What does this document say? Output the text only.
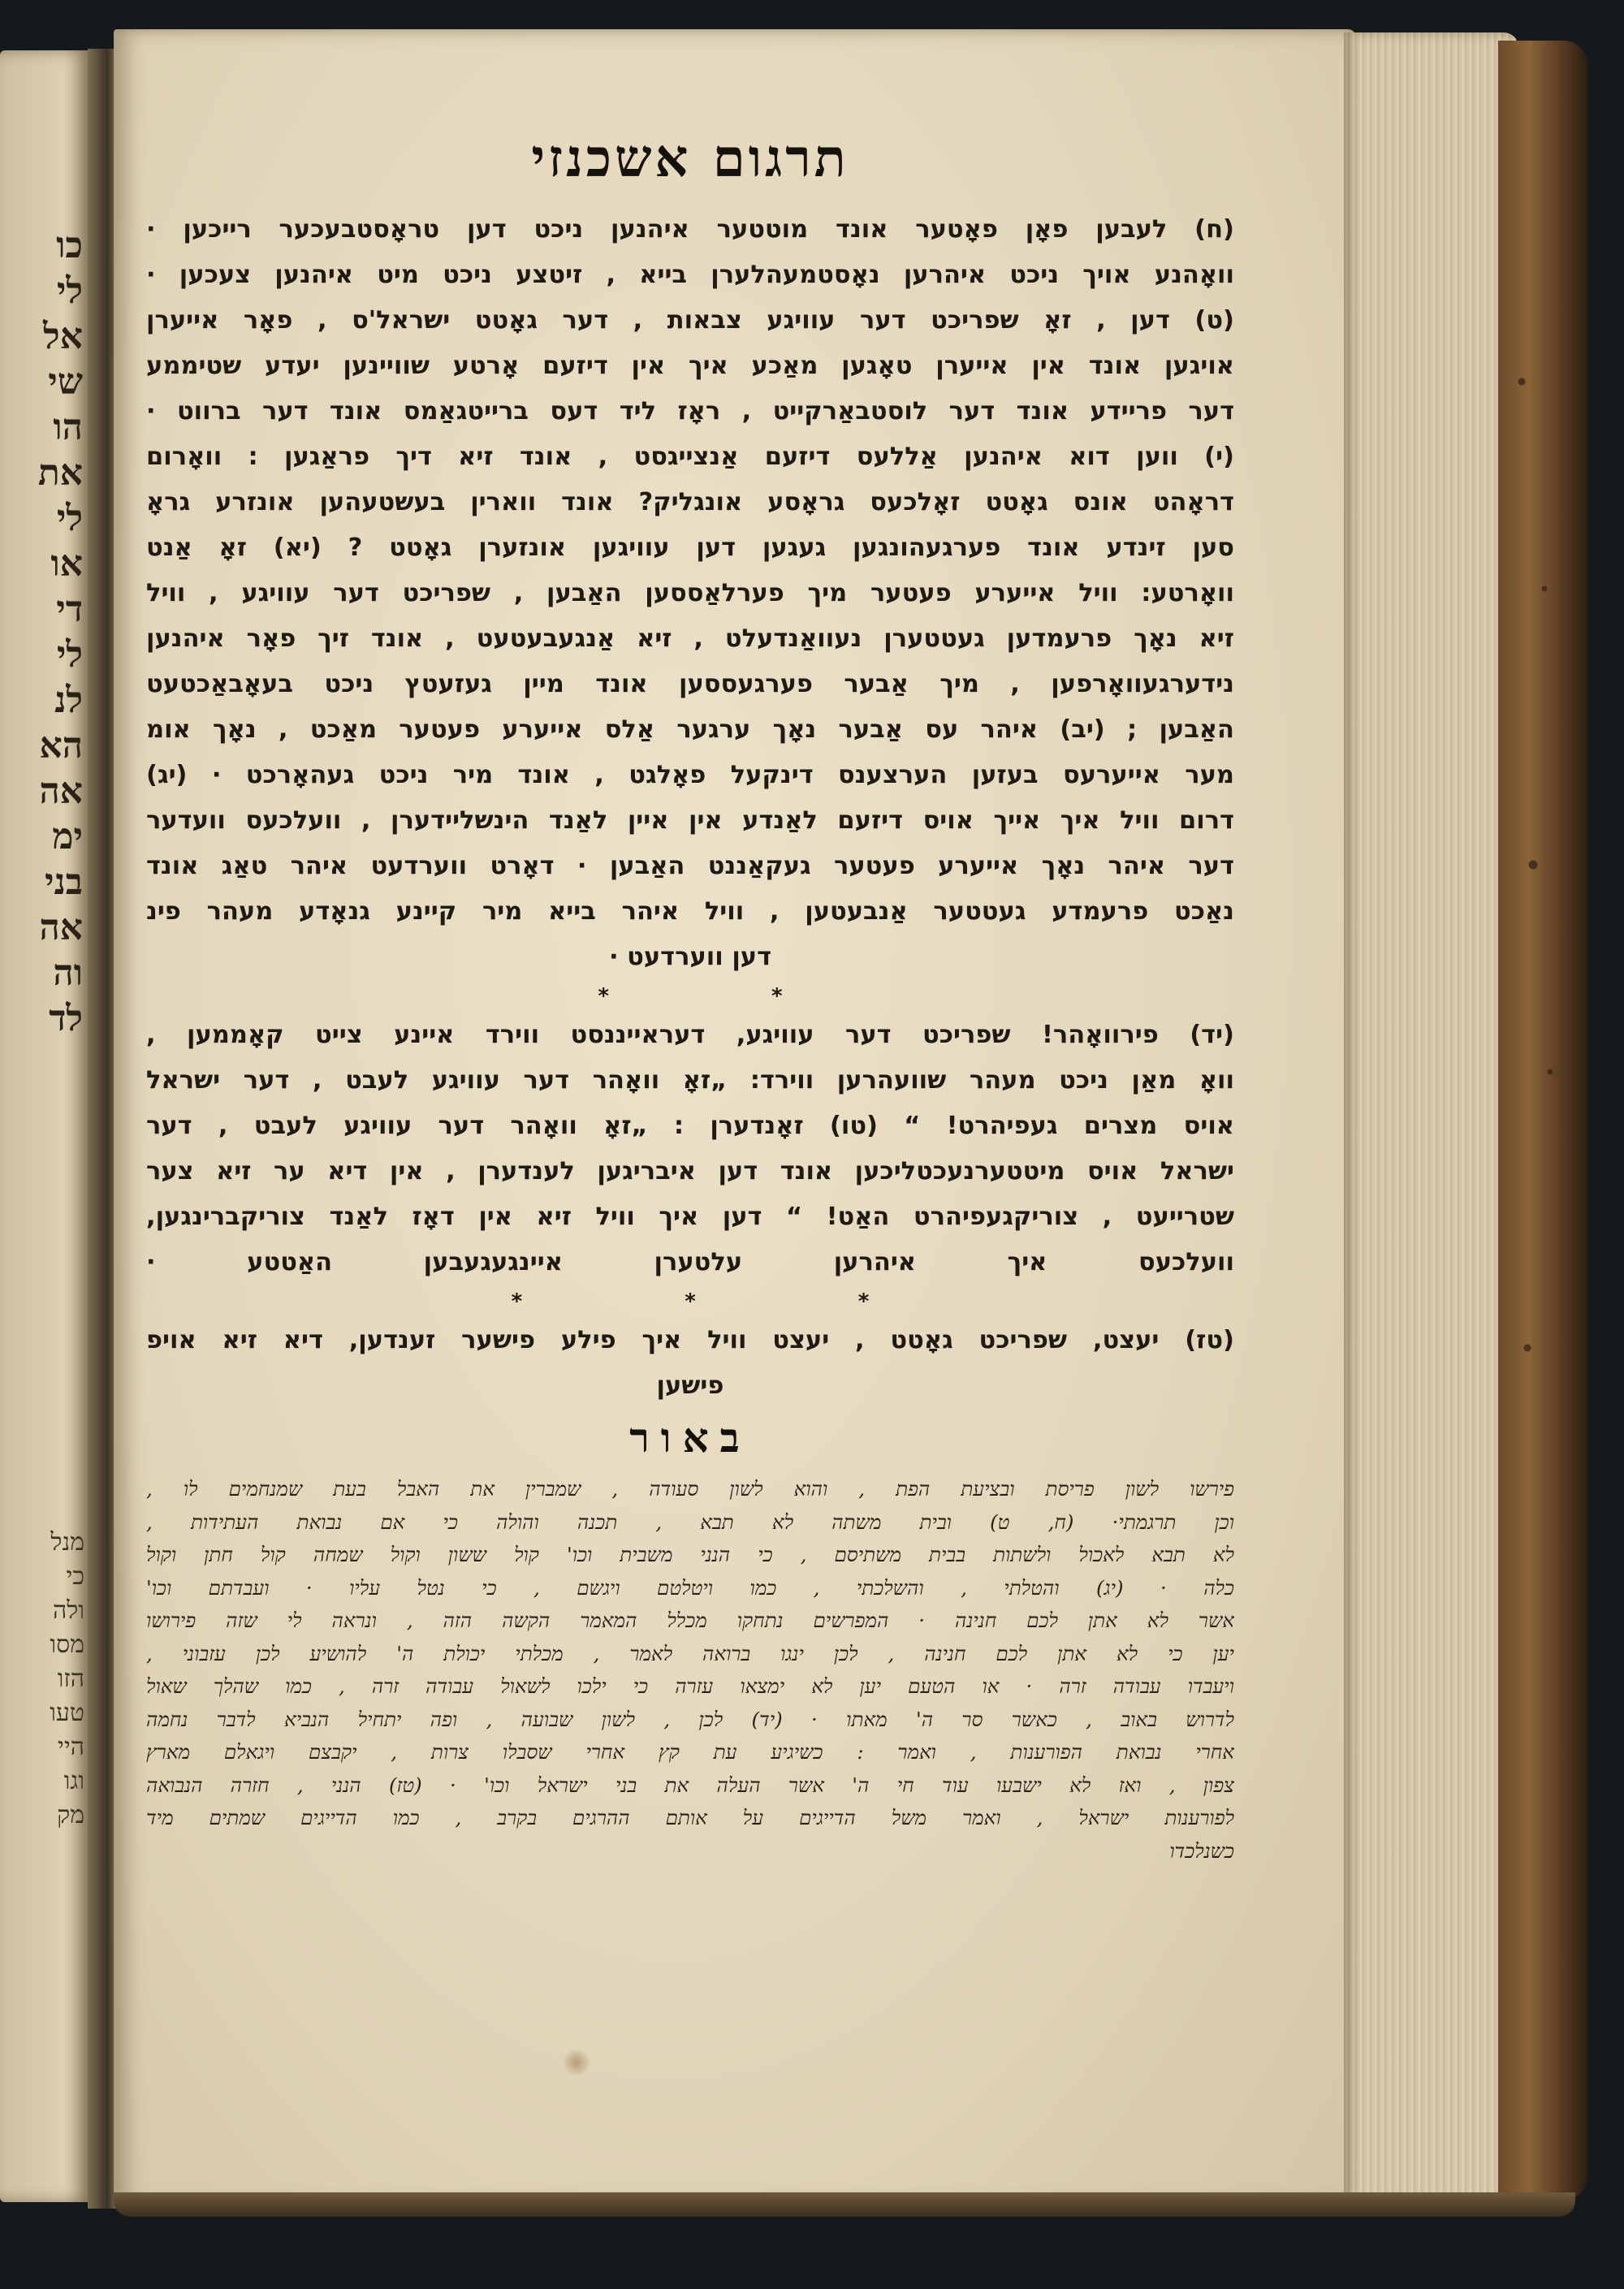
כו
לי
אל
שי
הו
את
לי
או
די
לי
לנ
הא
אה
ימ
בני
אה
וה
לד
מנל
כי
ולה
מסו
הזו
טעו
היי
וגו
מק
תרגום אשכנזי
(ח) לעבען פאָן פאָטער אונד מוטטער איהנען ניכט דען טראָסטבעכער רייכען ·
וואָהנע אויך ניכט איהרען נאָסטמעהלערן בייא , זיטצע ניכט מיט איהנען צעכען ·
(ט) דען , זאָ שפריכט דער עוויגע צבאות , דער גאָטט ישראל'ס , פאָר אייערן
אויגען אונד אין אייערן טאָגען מאַכע איך אין דיזעם אָרטע שוויינען יעדע שטיממע
דער פריידע אונד דער לוסטבאַרקייט , ראָז ליד דעס ברייטגאַמס אונד דער ברווט ·
(י) ווען דוא איהנען אַללעס דיזעם אַנצייגסט , אונד זיא דיך פראַגען : וואָרום
דראָהט אונס גאָטט זאָלכעס גראָסע אונגליק? אונד ווארין בעשטעהען אונזרע גראָ
סען זינדע אונד פערגעהונגען געגען דען עוויגען אונזערן גאָטט ? (יא) זאָ אַנט
וואָרטע: וויל אייערע פעטער מיך פערלאַססען האַבען , שפריכט דער עוויגע , וויל
זיא נאָך פרעמדען געטטערן נעוואַנדעלט , זיא אַנגעבעטעט , אונד זיך פאָר איהנען
נידערגעוואָרפען , מיך אַבער פערגעססען אונד מיין געזעטץ ניכט בעאָבאַכטעט
האַבען ; (יב) איהר עס אַבער נאָך ערגער אַלס אייערע פעטער מאַכט , נאָך אומ
מער אייערעס בעזען הערצענס דינקעל פאָלגט , אונד מיר ניכט געהאָרכט · (יג)
דרום וויל איך אייך אויס דיזעם לאַנדע אין איין לאַנד הינשליידערן , וועלכעס וועדער
דער איהר נאָך אייערע פעטער געקאַננט האַבען · דאָרט ווערדעט איהר טאַג אונד
נאַכט פרעמדע געטטער אַנבעטען , וויל איהר בייא מיר קיינע גנאָדע מעהר פינ
דען ווערדעט ·
**
(יד) פירוואָהר! שפריכט דער עוויגע, דעראייננסט ווירד איינע צייט קאָממען ,
וואָ מאַן ניכט מעהר שוועהרען ווירד: „זאָ וואָהר דער עוויגע לעבט , דער ישראל
אויס מצרים געפיהרט! “ (טו) זאָנדערן : „זאָ וואָהר דער עוויגע לעבט , דער
ישראל אויס מיטטערנעכטליכען אונד דען איבריגען לענדערן , אין דיא ער זיא צער
שטרייעט , צוריקגעפיהרט האַט! “ דען איך וויל זיא אין דאָז לאַנד צוריקברינגען,
וועלכעס איך איהרען עלטערן איינגעגעבען האַטטע ·
***
(טז) יעצט, שפריכט גאָטט , יעצט וויל איך פילע פישער זענדען, דיא זיא אויפ
פישען
באור
פירשו לשון פריסת ובציעת הפת , והוא לשון סעודה , שמברין את האבל בעת שמנחמים לו ,
וכן תרגמתי· (ח, ט) ובית משתה לא תבא , תכנה והולה כי אם נבואת העתידות ,
לא תבא לאכול ולשתות בבית משתיסם , כי הנני משבית וכו' קול ששון וקול שמחה קול חתן וקול
כלה · (יג) והטלתי , והשלכתי , כמו ויטלטם ויגשם , כי נטל עליו · ועבדתם וכו'
אשר לא אתן לכם חנינה · המפרשים נתחקו מכלל המאמר הקשה הזה , ונראה לי שזה פירושו
יען כי לא אתן לכם חנינה , לכן ינגו ברואה לאמר , מכלתי יכולת ה' להושיע לכן עזבוני ,
ויעבדו עבודה זרה · או הטעם יען לא ימצאו עזרה כי ילכו לשאול עבודה זרה , כמו שהלך שאול
לדרוש באוב , כאשר סר ה' מאתו · (יד) לכן , לשון שבועה , ופה יתחיל הנביא לדבר נחמה
אחרי נבואת הפורענות , ואמר : כשיגיע עת קץ אחרי שסבלו צרות , יקבצם ויגאלם מארץ
צפון , ואז לא ישבעו עוד חי ה' אשר העלה את בני ישראל וכו' · (טז) הנני , חזרה הנבואה
לפורענות ישראל , ואמר משל הדייגים על אותם ההרגים בקרב , כמו הדייגים שמתים מיד
כשנלכדו
